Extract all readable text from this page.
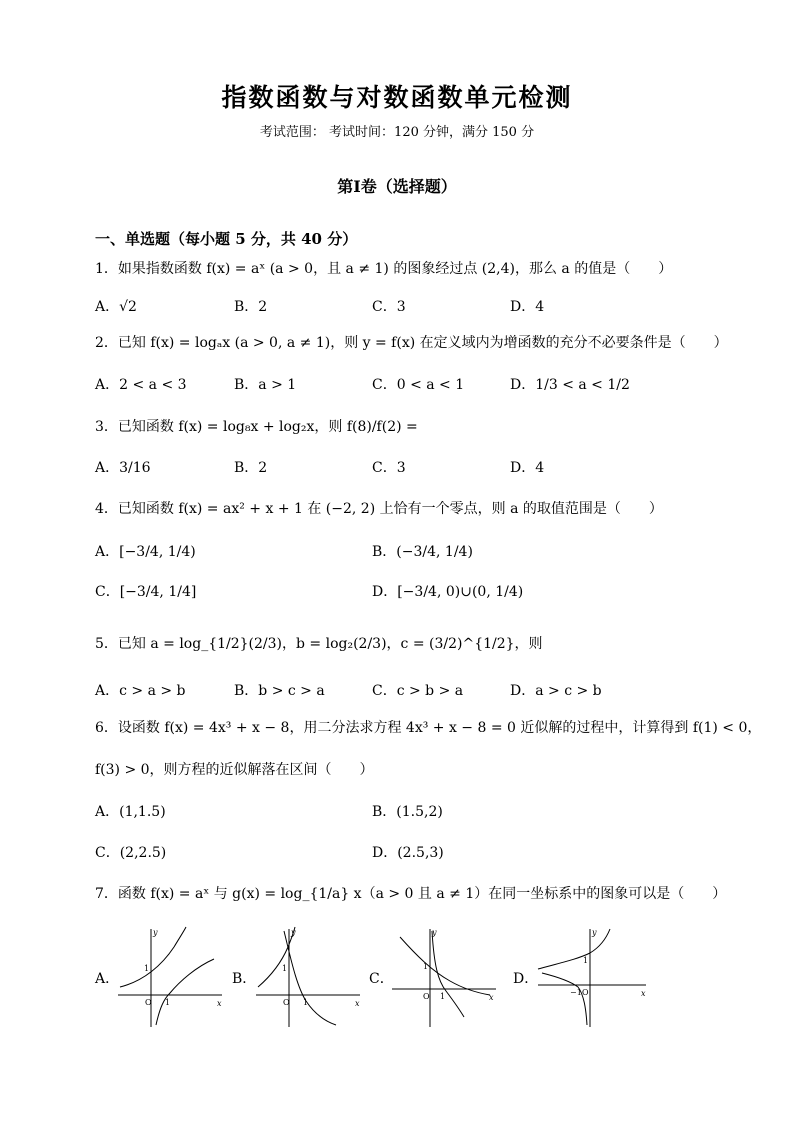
指数函数与对数函数单元检测
考试范围： 考试时间：120 分钟，满分 150 分
第Ⅰ卷（选择题）
一、单选题（每小题 5 分，共 40 分）
1．如果指数函数 f(x) = aˣ (a > 0，且 a ≠ 1) 的图象经过点 (2,4)，那么 a 的值是（　　）
A．√2	B．2	C．3	D．4
2．已知 f(x) = logₐx (a > 0, a ≠ 1)，则 y = f(x) 在定义域内为增函数的充分不必要条件是（　　）
A．2 < a < 3	B．a > 1	C．0 < a < 1	D．1/3 < a < 1/2
3．已知函数 f(x) = log₈x + log₂x，则 f(8)/f(2) =
A．3/16	B．2	C．3	D．4
4．已知函数 f(x) = ax² + x + 1 在 (−2, 2) 上恰有一个零点，则 a 的取值范围是（　　）
A．[−3/4, 1/4)	B．(−3/4, 1/4)
C．[−3/4, 1/4]	D．[−3/4, 0)∪(0, 1/4)
5．已知 a = log_{1/2}(2/3)，b = log₂(2/3)，c = (3/2)^{1/2}，则
A．c > a > b	B．b > c > a	C．c > b > a	D．a > c > b
6．设函数 f(x) = 4x³ + x − 8，用二分法求方程 4x³ + x − 8 = 0 近似解的过程中，计算得到 f(1) < 0，
f(3) > 0，则方程的近似解落在区间（　　）
A．(1,1.5)	B．(1.5,2)
C．(2,2.5)	D．(2.5,3)
7．函数 f(x) = aˣ 与 g(x) = log_{1/a} x（a > 0 且 a ≠ 1）在同一坐标系中的图象可以是（　　）
A．	B．	C．	D．
O 1
1
x
y
O 1
1
x
y
O 1
1
x
y
−1 O
1
x
y
